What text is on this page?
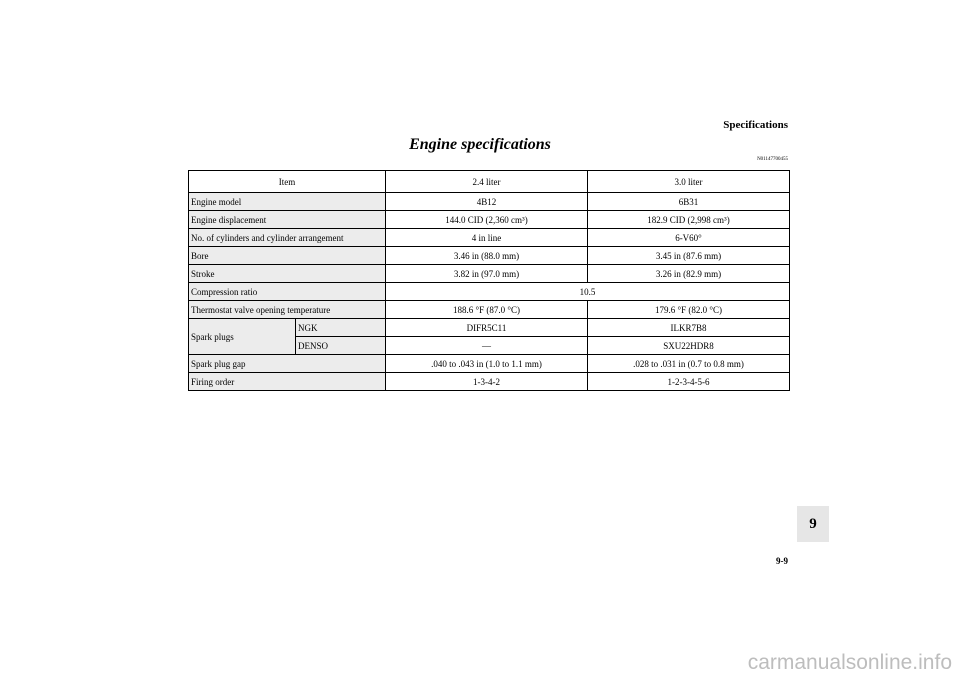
Specifications
Engine specifications
N01147700455
Item		2.4 liter	3.0 liter
Engine model		4B12	6B31
Engine displacement		144.0 CID (2,360 cm³)	182.9 CID (2,998 cm³)
No. of cylinders and cylinder arrangement		4 in line	6-V60°
Bore		3.46 in (88.0 mm)	3.45 in (87.6 mm)
Stroke		3.82 in (97.0 mm)	3.26 in (82.9 mm)
Compression ratio		10.5	
Thermostat valve opening temperature		188.6 °F (87.0 °C)	179.6 °F (82.0 °C)
Spark plugs	NGK	DIFR5C11	ILKR7B8
	DENSO	—	SXU22HDR8
Spark plug gap		.040 to .043 in (1.0 to 1.1 mm)	.028 to .031 in (0.7 to 0.8 mm)
Firing order		1-3-4-2	1-2-3-4-5-6
9
9-9
carmanualsonline.info
